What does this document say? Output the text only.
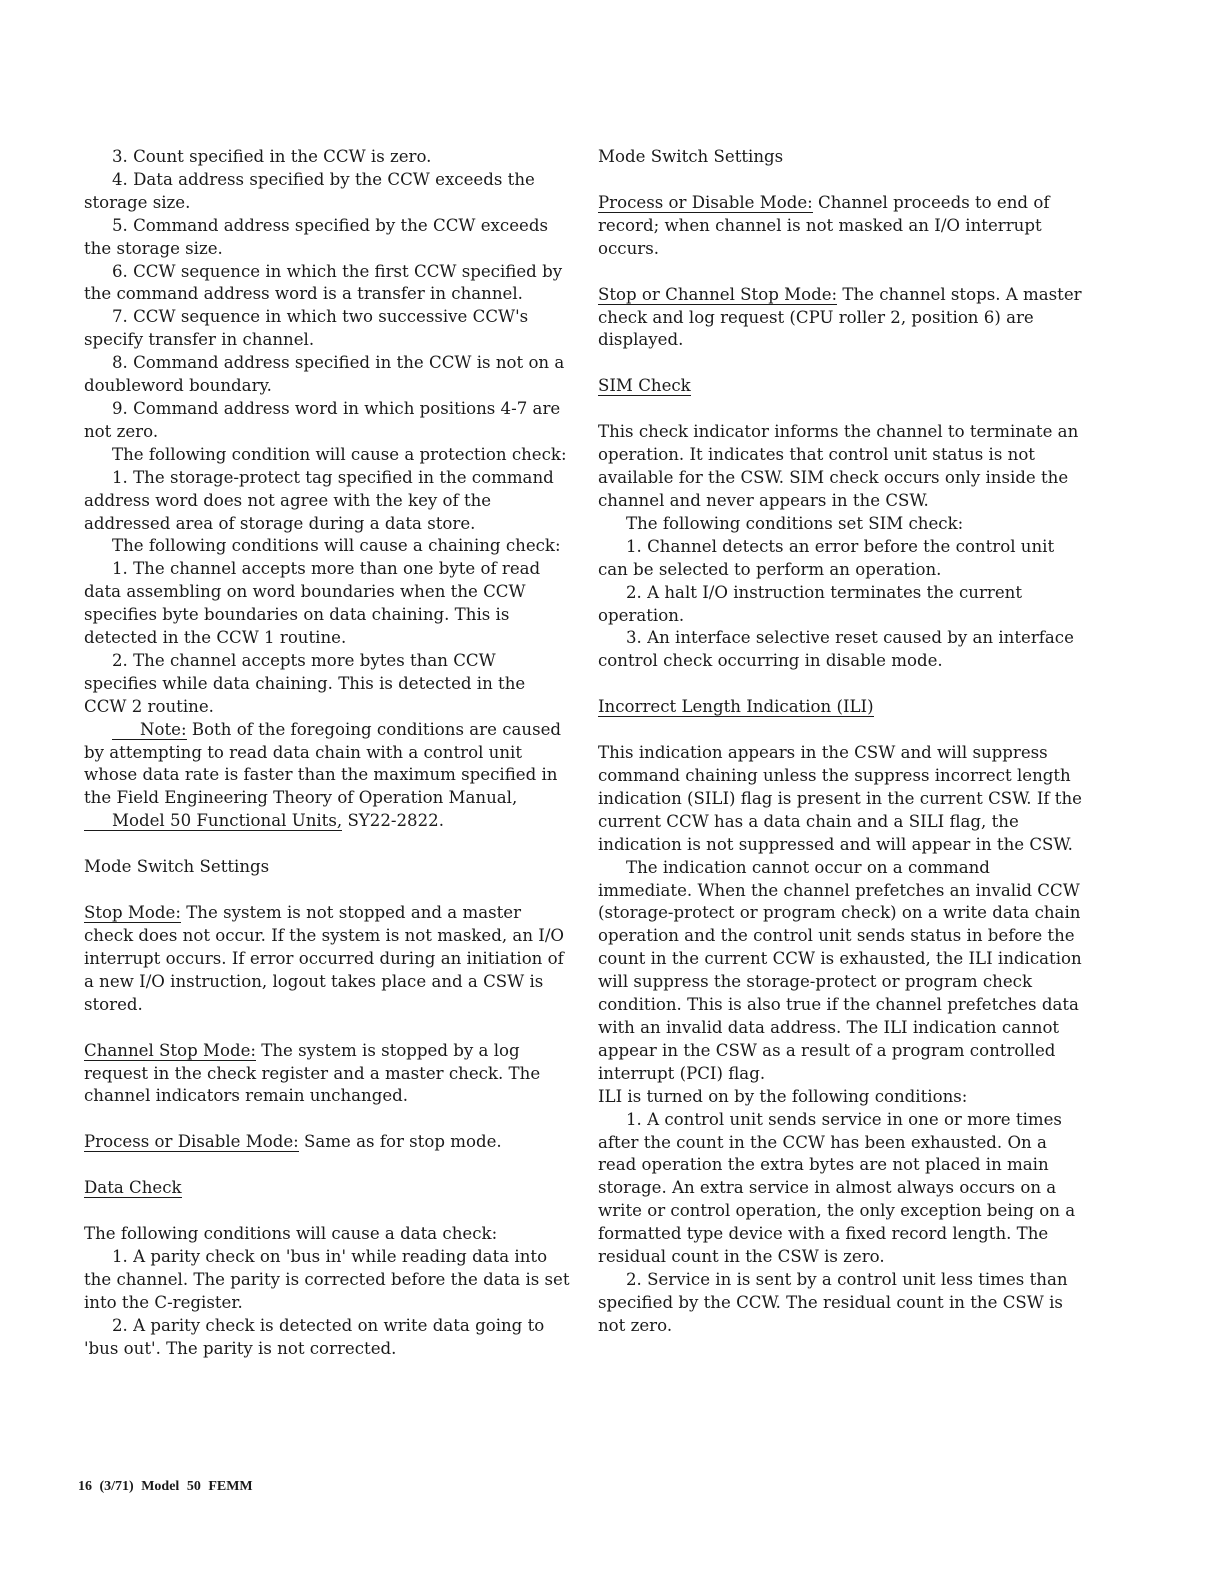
3. Count specified in the CCW is zero.

4. Data address specified by the CCW exceeds the storage size.

5. Command address specified by the CCW exceeds the storage size.

6. CCW sequence in which the first CCW specified by the command address word is a transfer in channel.

7. CCW sequence in which two successive CCW's specify transfer in channel.

8. Command address specified in the CCW is not on a doubleword boundary.

9. Command address word in which positions 4-7 are not zero.

The following condition will cause a protection check:

1. The storage-protect tag specified in the command address word does not agree with the key of the addressed area of storage during a data store.

The following conditions will cause a chaining check:

1. The channel accepts more than one byte of read data assembling on word boundaries when the CCW specifies byte boundaries on data chaining. This is detected in the CCW 1 routine.

2. The channel accepts more bytes than CCW specifies while data chaining. This is detected in the CCW 2 routine.

Note: Both of the foregoing conditions are caused by attempting to read data chain with a control unit whose data rate is faster than the maximum specified in the Field Engineering Theory of Operation Manual, Model 50 Functional Units, SY22-2822.

Mode Switch Settings

Stop Mode: The system is not stopped and a master check does not occur. If the system is not masked, an I/O interrupt occurs. If error occurred during an initiation of a new I/O instruction, logout takes place and a CSW is stored.

Channel Stop Mode: The system is stopped by a log request in the check register and a master check. The channel indicators remain unchanged.

Process or Disable Mode: Same as for stop mode.

Data Check

The following conditions will cause a data check:

1. A parity check on 'bus in' while reading data into the channel. The parity is corrected before the data is set into the C-register.

2. A parity check is detected on write data going to 'bus out'. The parity is not corrected.

Mode Switch Settings

Process or Disable Mode: Channel proceeds to end of record; when channel is not masked an I/O interrupt occurs.

Stop or Channel Stop Mode: The channel stops. A master check and log request (CPU roller 2, position 6) are displayed.

SIM Check

This check indicator informs the channel to terminate an operation. It indicates that control unit status is not available for the CSW. SIM check occurs only inside the channel and never appears in the CSW.

The following conditions set SIM check:

1. Channel detects an error before the control unit can be selected to perform an operation.

2. A halt I/O instruction terminates the current operation.

3. An interface selective reset caused by an interface control check occurring in disable mode.

Incorrect Length Indication (ILI)

This indication appears in the CSW and will suppress command chaining unless the suppress incorrect length indication (SILI) flag is present in the current CSW. If the current CCW has a data chain and a SILI flag, the indication is not suppressed and will appear in the CSW.

The indication cannot occur on a command immediate. When the channel prefetches an invalid CCW (storage-protect or program check) on a write data chain operation and the control unit sends status in before the count in the current CCW is exhausted, the ILI indication will suppress the storage-protect or program check condition. This is also true if the channel prefetches data with an invalid data address. The ILI indication cannot appear in the CSW as a result of a program controlled interrupt (PCI) flag.

ILI is turned on by the following conditions:

1. A control unit sends service in one or more times after the count in the CCW has been exhausted. On a read operation the extra bytes are not placed in main storage. An extra service in almost always occurs on a write or control operation, the only exception being on a formatted type device with a fixed record length. The residual count in the CSW is zero.

2. Service in is sent by a control unit less times than specified by the CCW. The residual count in the CSW is not zero.

16 (3/71) Model 50 FEMM
